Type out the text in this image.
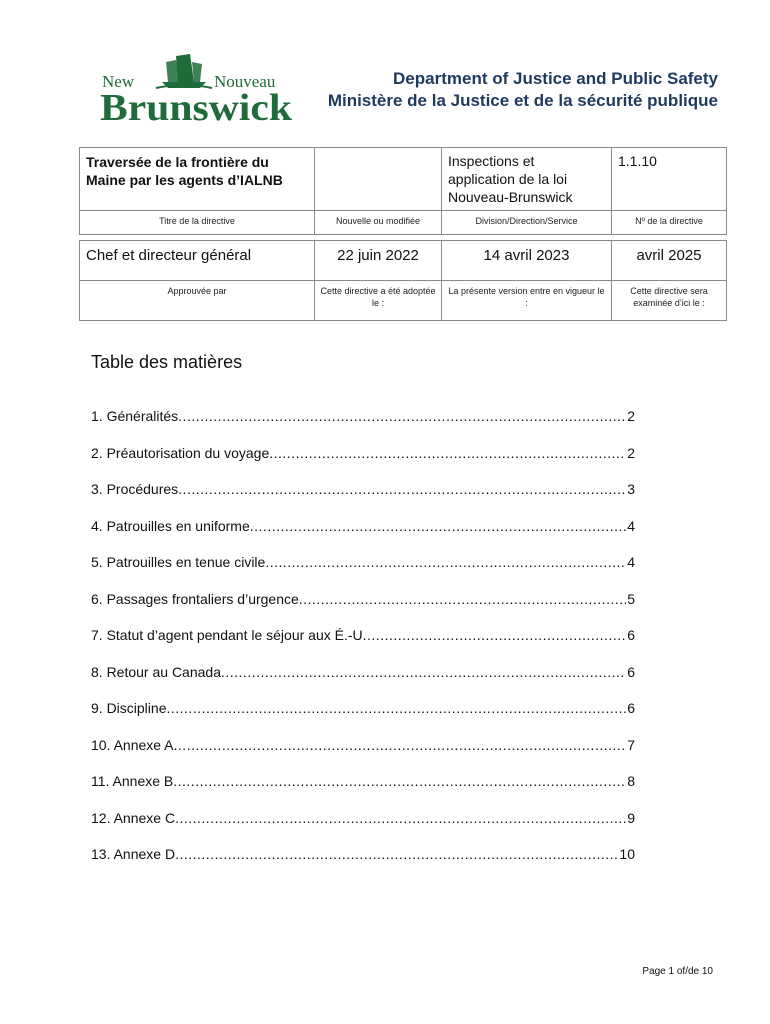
New	Nouveau
Brunswick
Department of Justice and Public Safety
Ministère de la Justice et de la sécurité publique
Traversée de la frontière du Maine par les agents d’IALNB		Inspections et application de la loi Nouveau-Brunswick	1.1.10
Titre de la directive	Nouvelle ou modifiée	Division/Direction/Service	Nº de la directive
Chef et directeur général	22 juin 2022	14 avril 2023	avril 2025
Approuvée par	Cette directive a été adoptée le :	La présente version entre en vigueur le :	Cette directive sera examinée d’ici le :
Table des matières
1. Généralités .....	2
2. Préautorisation du voyage .....	2
3. Procédures .....	3
4. Patrouilles en uniforme .....	4
5. Patrouilles en tenue civile .....	4
6. Passages frontaliers d’urgence .....	5
7. Statut d’agent pendant le séjour aux É.-U .....	6
8. Retour au Canada .....	6
9. Discipline .....	6
10. Annexe A .....	7
11. Annexe B .....	8
12. Annexe C .....	9
13. Annexe D .....	10
Page 1 of/de 10
